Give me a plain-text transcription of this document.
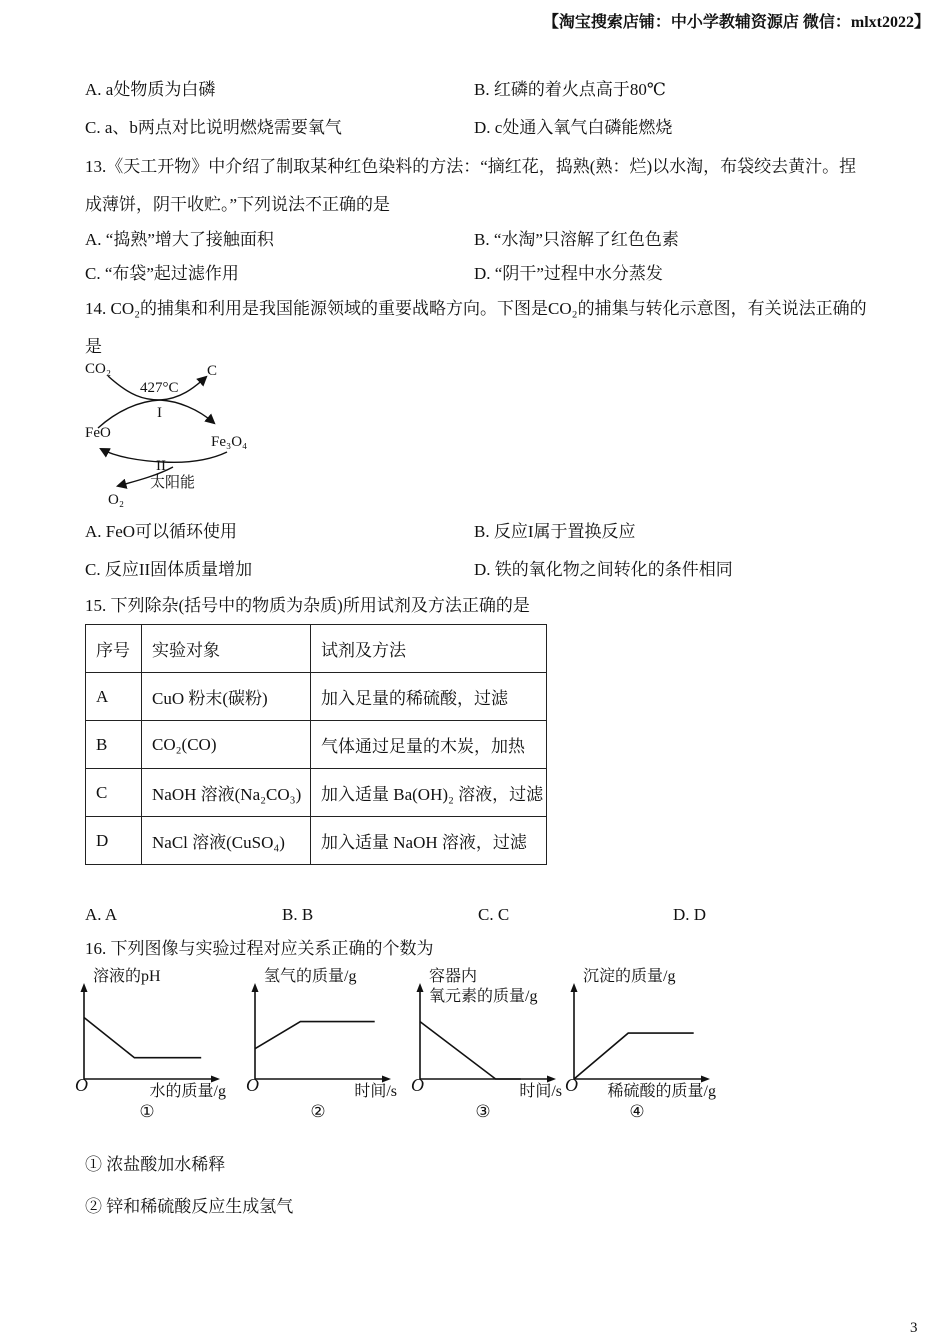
【淘宝搜索店铺：中小学教辅资源店 微信：mlxt2022】
A. a处物质为白磷	B. 红磷的着火点高于80℃
C. a、b两点对比说明燃烧需要氧气	D. c处通入氧气白磷能燃烧
13.《天工开物》中介绍了制取某种红色染料的方法：“摘红花，捣熟(熟：烂)以水淘，布袋绞去黄汁。捏
成薄饼，阴干收贮。”下列说法不正确的是
A. “捣熟”增大了接触面积	B. “水淘”只溶解了红色色素
C. “布袋”起过滤作用	D. “阴干”过程中水分蒸发
14. CO₂的捕集和利用是我国能源领域的重要战略方向。下图是CO₂的捕集与转化示意图，有关说法正确的
是
CO₂	C
427°C
I
FeO
Fe₃O₄
II
太阳能
O₂
A. FeO可以循环使用	B. 反应I属于置换反应
C. 反应II固体质量增加	D. 铁的氧化物之间转化的条件相同
15. 下列除杂(括号中的物质为杂质)所用试剂及方法正确的是
序号	实验对象	试剂及方法
A	CuO 粉末(碳粉)	加入足量的稀硫酸，过滤
B	CO₂(CO)	气体通过足量的木炭，加热
C	NaOH 溶液(Na₂CO₃)	加入适量 Ba(OH)₂ 溶液，过滤
D	NaCl 溶液(CuSO₄)	加入适量 NaOH 溶液，过滤
A. A	B. B	C. C	D. D
16. 下列图像与实验过程对应关系正确的个数为
溶液的pH
O	水的质量/g
①
氢气的质量/g
O	时间/s
②
容器内
氧元素的质量/g
O	时间/s
③
沉淀的质量/g
O	稀硫酸的质量/g
④
① 浓盐酸加水稀释
② 锌和稀硫酸反应生成氢气
3
